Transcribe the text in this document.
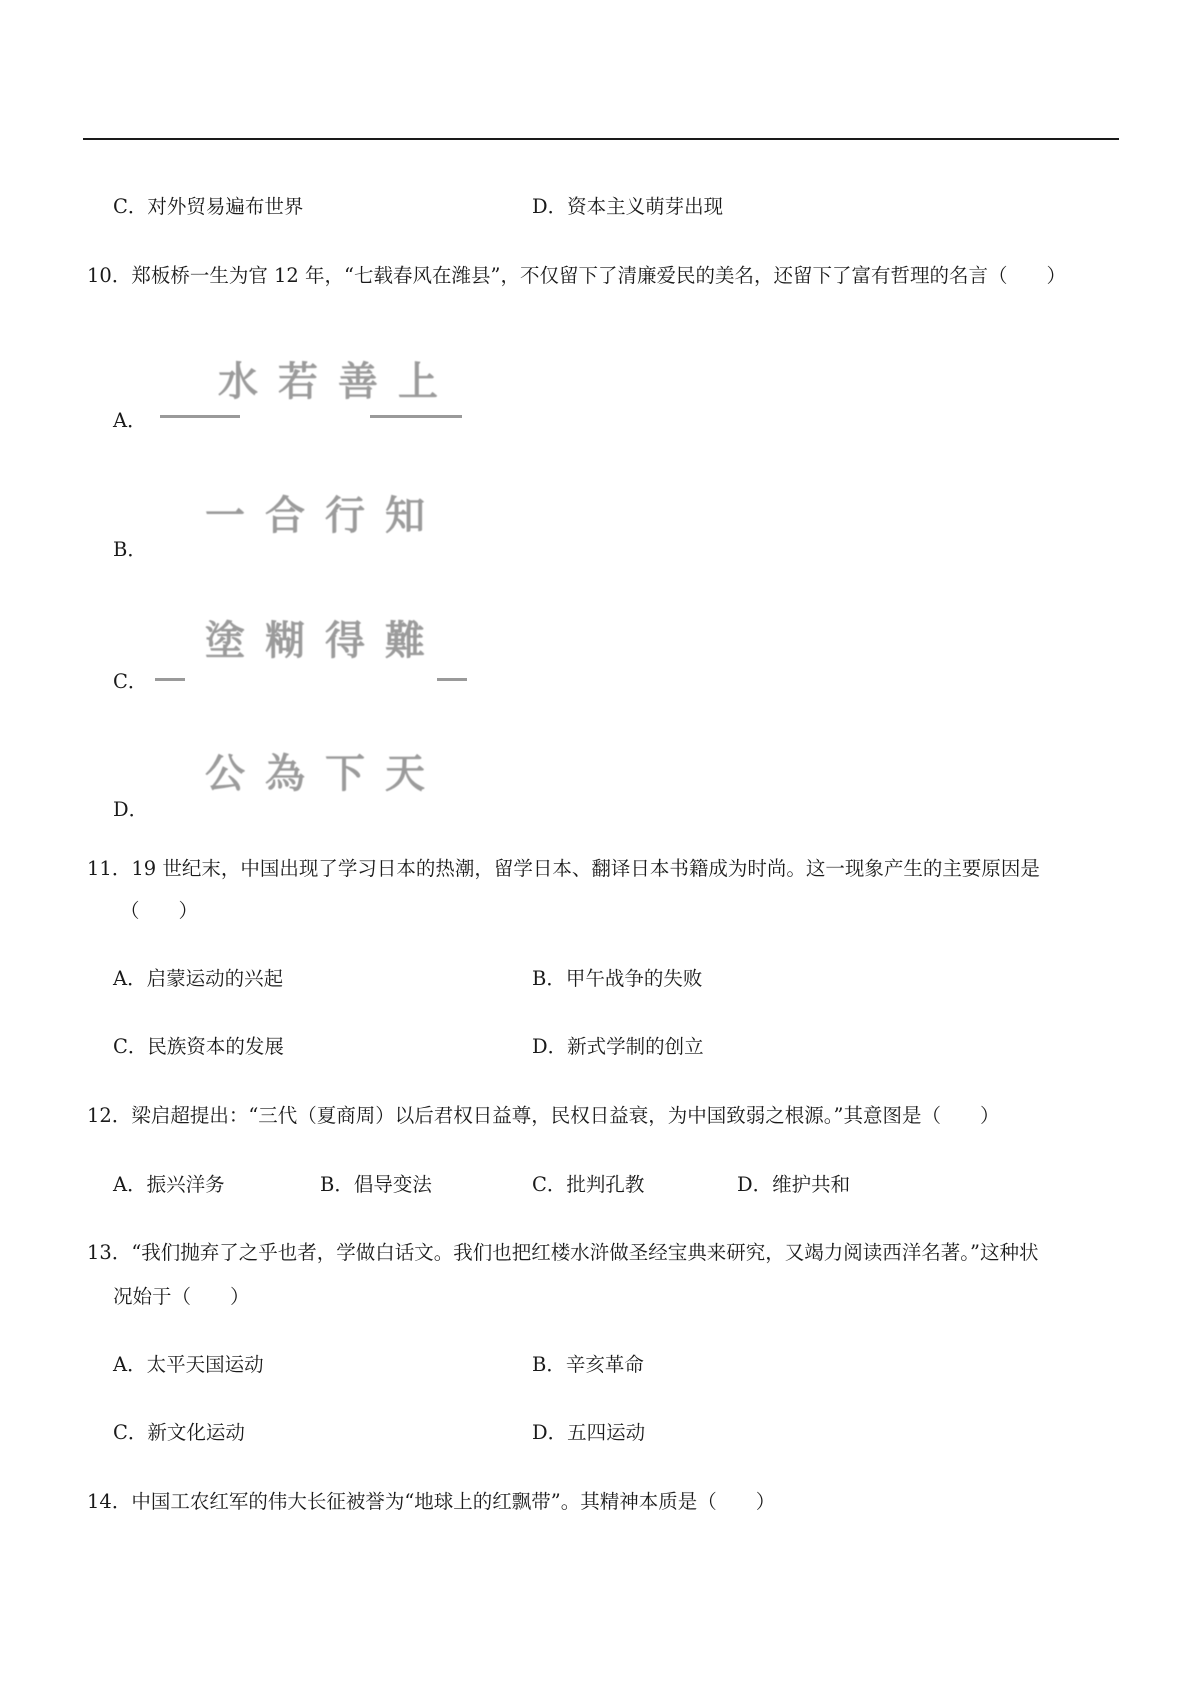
C．对外贸易遍布世界	D．资本主义萌芽出现
10．郑板桥一生为官 12 年，“七载春风在潍县”，不仅留下了清廉爱民的美名，还留下了富有哲理的名言（　　）
A．
水若善上
B．
一合行知
C．
塗糊得難
D．
公為下天
11．19 世纪末，中国出现了学习日本的热潮，留学日本、翻译日本书籍成为时尚。这一现象产生的主要原因是
（　　）
A．启蒙运动的兴起	B．甲午战争的失败
C．民族资本的发展	D．新式学制的创立
12．梁启超提出：“三代（夏商周）以后君权日益尊，民权日益衰，为中国致弱之根源。”其意图是（　　）
A．振兴洋务	B．倡导变法	C．批判孔教	D．维护共和
13．“我们抛弃了之乎也者，学做白话文。我们也把红楼水浒做圣经宝典来研究，又竭力阅读西洋名著。”这种状
况始于（　　）
A．太平天国运动	B．辛亥革命
C．新文化运动	D．五四运动
14．中国工农红军的伟大长征被誉为“地球上的红飘带”。其精神本质是（　　）
